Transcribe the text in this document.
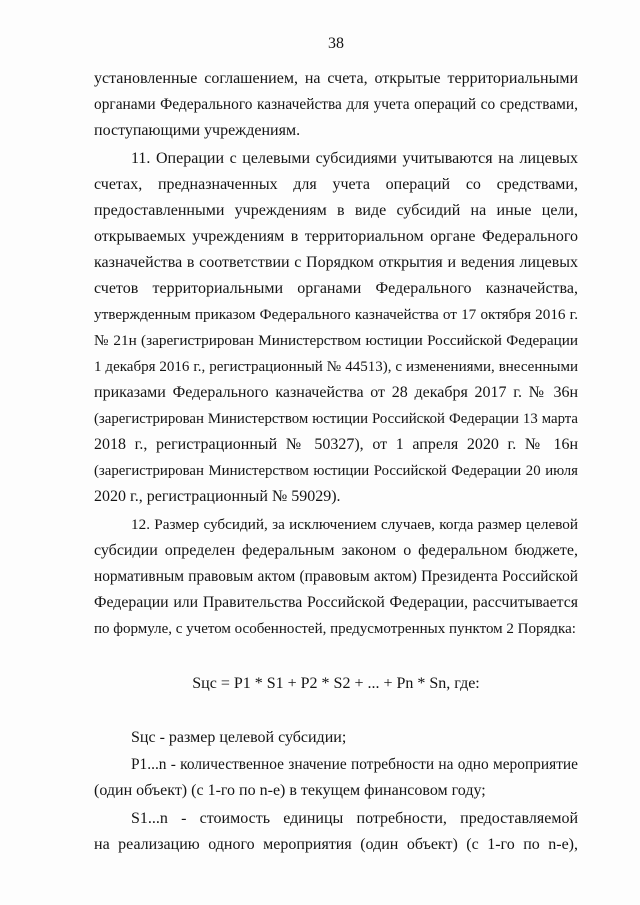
38
установленные соглашением, на счета, открытые территориальными
органами Федерального казначейства для учета операций со средствами,
поступающими учреждениям.
11. Операции с целевыми субсидиями учитываются на лицевых
счетах, предназначенных для учета операций со средствами,
предоставленными учреждениям в виде субсидий на иные цели,
открываемых учреждениям в территориальном органе Федерального
казначейства в соответствии с Порядком открытия и ведения лицевых
счетов территориальными органами Федерального казначейства,
утвержденным приказом Федерального казначейства от 17 октября 2016 г.
№ 21н (зарегистрирован Министерством юстиции Российской Федерации
1 декабря 2016 г., регистрационный № 44513), с изменениями, внесенными
приказами Федерального казначейства от 28 декабря 2017 г. № 36н
(зарегистрирован Министерством юстиции Российской Федерации 13 марта
2018 г., регистрационный № 50327), от 1 апреля 2020 г. № 16н
(зарегистрирован Министерством юстиции Российской Федерации 20 июля
2020 г., регистрационный № 59029).
12. Размер субсидий, за исключением случаев, когда размер целевой
субсидии определен федеральным законом о федеральном бюджете,
нормативным правовым актом (правовым актом) Президента Российской
Федерации или Правительства Российской Федерации, рассчитывается
по формуле, с учетом особенностей, предусмотренных пунктом 2 Порядка:
Sцс = P1 * S1 + P2 * S2 + ... + Pn * Sn, где:
Sцс - размер целевой субсидии;
P1...n - количественное значение потребности на одно мероприятие
(один объект) (с 1-го по n-е) в текущем финансовом году;
S1...n - стоимость единицы потребности, предоставляемой
на реализацию одного мероприятия (один объект) (с 1-го по n-е),
